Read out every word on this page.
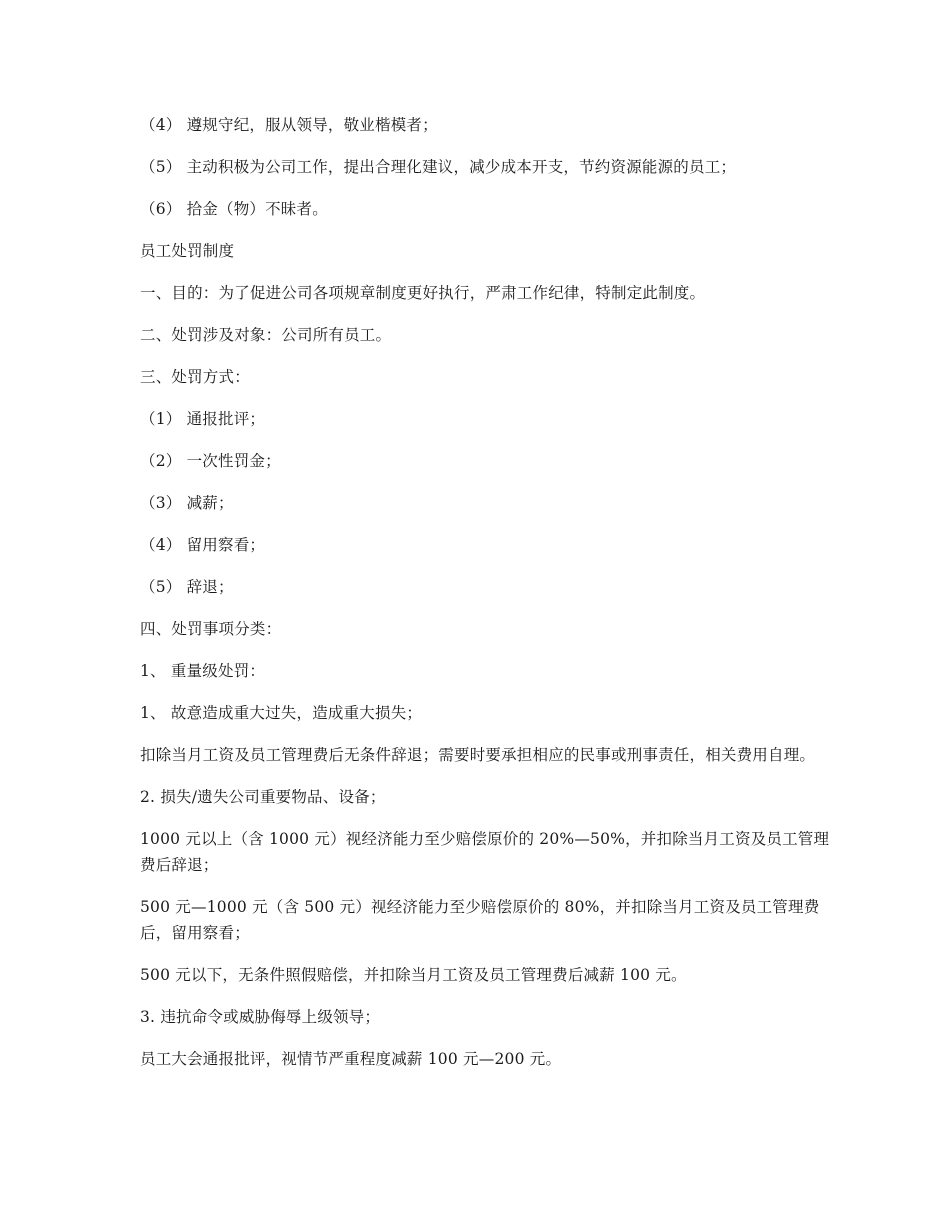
（4） 遵规守纪，服从领导，敬业楷模者；

（5） 主动积极为公司工作，提出合理化建议，减少成本开支，节约资源能源的员工；

（6） 拾金（物）不昧者。

员工处罚制度

一、目的：为了促进公司各项规章制度更好执行，严肃工作纪律，特制定此制度。

二、处罚涉及对象：公司所有员工。

三、处罚方式：

（1） 通报批评；

（2） 一次性罚金；

（3） 减薪；

（4） 留用察看；

（5） 辞退；

四、处罚事项分类：

1、 重量级处罚：

1、 故意造成重大过失，造成重大损失；

扣除当月工资及员工管理费后无条件辞退；需要时要承担相应的民事或刑事责任，相关费用自理。

2. 损失/遗失公司重要物品、设备；

1000 元以上（含 1000 元）视经济能力至少赔偿原价的 20%—50%，并扣除当月工资及员工管理费后辞退；

500 元—1000 元（含 500 元）视经济能力至少赔偿原价的 80%，并扣除当月工资及员工管理费后，留用察看；

500 元以下，无条件照假赔偿，并扣除当月工资及员工管理费后减薪 100 元。

3. 违抗命令或威胁侮辱上级领导；

员工大会通报批评，视情节严重程度减薪 100 元—200 元。
